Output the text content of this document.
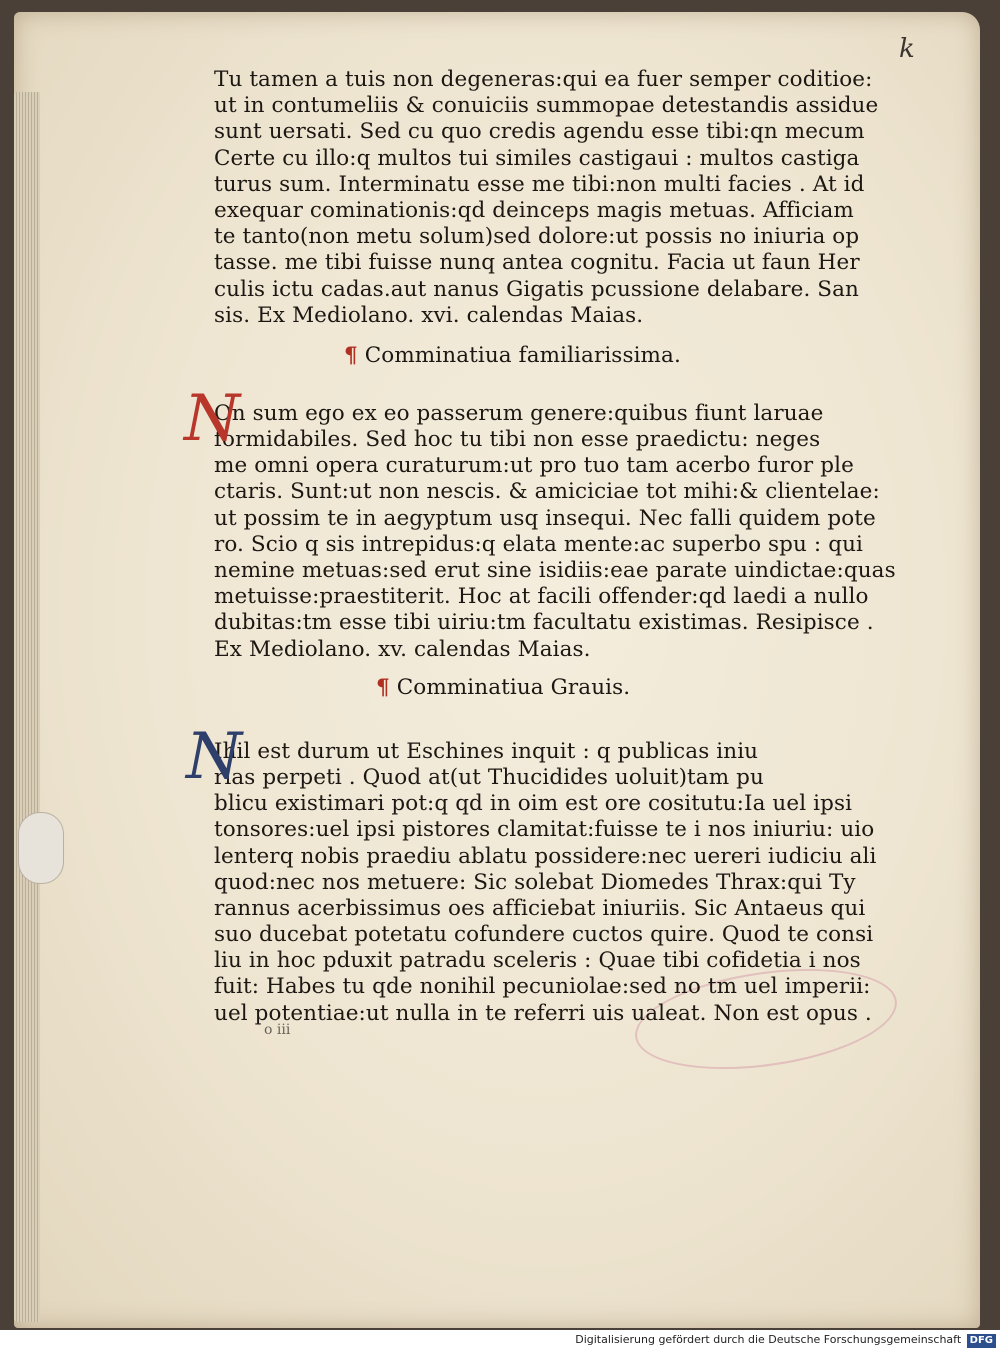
k
o iii
Tu tamen a tuis non degeneras:qui ea fuer semper coditioe:
ut in contumeliis & conuiciis summopae detestandis assidue
sunt uersati. Sed cu quo credis agendu esse tibi:qn mecum
Certe cu illo:q multos tui similes castigaui : multos castiga
turus sum. Interminatu esse me tibi:non multi facies . At id
exequar cominationis:qd deinceps magis metuas. Afficiam
te tanto(non metu solum)sed dolore:ut possis no iniuria op
tasse. me tibi fuisse nunq antea cognitu. Facia ut faun Her
culis ictu cadas.aut nanus Gigatis pcussione delabare. San
sis. Ex Mediolano. xvi. calendas Maias.
¶ Comminatiua familiarissima.
N
On sum ego ex eo passerum genere:quibus fiunt laruae
formidabiles. Sed hoc tu tibi non esse praedictu: neges
me omni opera curaturum:ut pro tuo tam acerbo furor ple
ctaris. Sunt:ut non nescis. & amiciciae tot mihi:& clientelae:
ut possim te in aegyptum usq insequi. Nec falli quidem pote
ro. Scio q sis intrepidus:q elata mente:ac superbo spu : qui
nemine metuas:sed erut sine isidiis:eae parate uindictae:quas
metuisse:praestiterit. Hoc at facili offender:qd laedi a nullo
dubitas:tm esse tibi uiriu:tm facultatu existimas. Resipisce .
Ex Mediolano. xv. calendas Maias.
¶ Comminatiua Grauis.
N
Ihil est durum ut Eschines inquit : q publicas iniu
rias perpeti . Quod at(ut Thucidides uoluit)tam pu
blicu existimari pot:q qd in oim est ore cositutu:Ia uel ipsi
tonsores:uel ipsi pistores clamitat:fuisse te i nos iniuriu: uio
lenterq nobis praediu ablatu possidere:nec uereri iudiciu ali
quod:nec nos metuere: Sic solebat Diomedes Thrax:qui Ty
rannus acerbissimus oes afficiebat iniuriis. Sic Antaeus qui
suo ducebat potetatu cofundere cuctos quire. Quod te consi
liu in hoc pduxit patradu sceleris : Quae tibi cofidetia i nos
fuit: Habes tu qde nonihil pecuniolae:sed no tm uel imperii:
uel potentiae:ut nulla in te referri uis ualeat. Non est opus .
Digitalisierung gefördert durch die Deutsche Forschungsgemeinschaft DFG
